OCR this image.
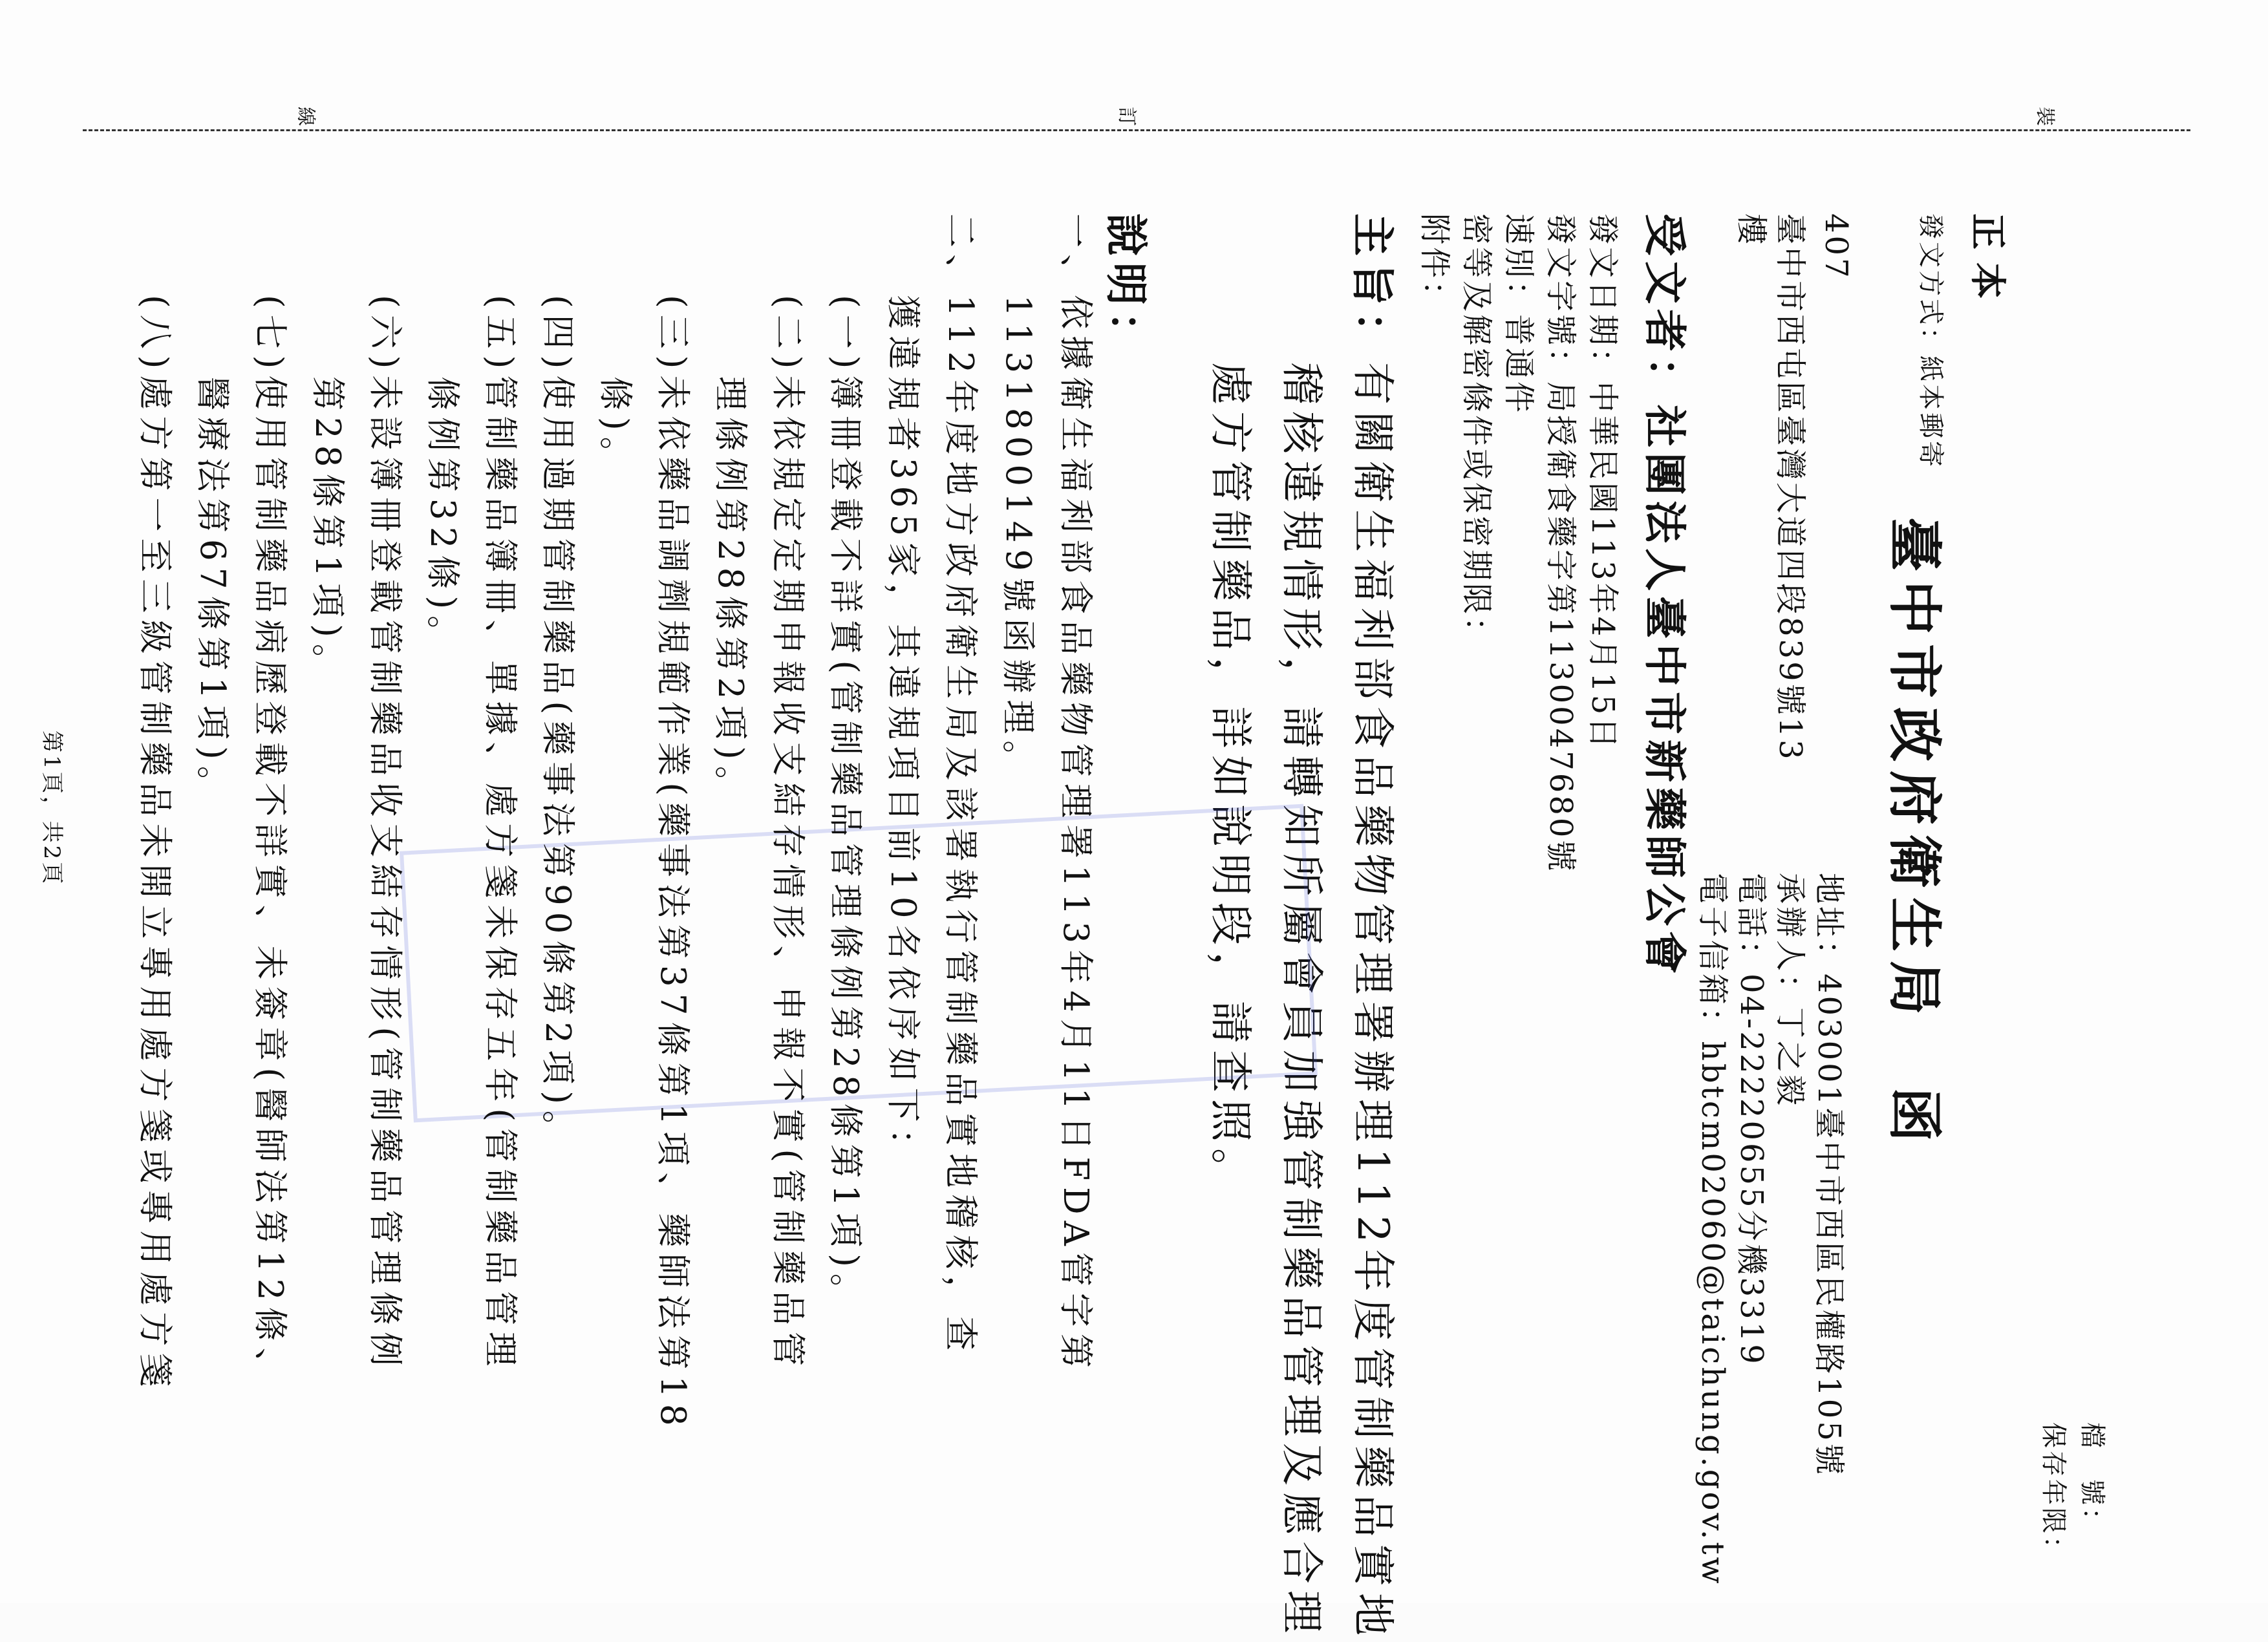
裝
訂
線
正本
發文方式：紙本郵寄
檔　號：
保存年限：
臺中市政府衛生局　函
407
臺中市西屯區臺灣大道四段839號13
樓
地址：403001臺中市西區民權路105號
承辦人：丁之毅
電話：04-22220655分機3319
電子信箱：hbtcm02060@taichung.gov.tw
受文者：社團法人臺中市新藥師公會
發文日期：中華民國113年4月15日
發文字號：局授衛食藥字第1130047680號
速別：普通件
密等及解密條件或保密期限：
附件：
主旨：
有關衛生福利部食品藥物管理署辦理112年度管制藥品實地
稽核違規情形，請轉知所屬會員加強管制藥品管理及應合理
處方管制藥品，詳如說明段，請查照。
說明：
一、依據衛生福利部食品藥物管理署113年4月11日FDA管字第
　　1131800149號函辦理。
二、112年度地方政府衛生局及該署執行管制藥品實地稽核，查
　　獲違規者365家，其違規項目前10名依序如下：
　　(一)簿冊登載不詳實(管制藥品管理條例第28條第1項)。
　　(二)未依規定定期申報收支結存情形、申報不實(管制藥品管
　　　　理條例第28條第2項)。
　　(三)未依藥品調劑規範作業(藥事法第37條第1項、藥師法第18
　　　　條)。
　　(四)使用過期管制藥品(藥事法第90條第2項)。
　　(五)管制藥品簿冊、單據、處方箋未保存五年(管制藥品管理
　　　　條例第32條)。
　　(六)未設簿冊登載管制藥品收支結存情形(管制藥品管理條例
　　　　第28條第1項)。
　　(七)使用管制藥品病歷登載不詳實、未簽章(醫師法第12條、
　　　　醫療法第67條第1項)。
　　(八)處方第一至三級管制藥品未開立專用處方箋或專用處方箋
第1頁，共2頁
